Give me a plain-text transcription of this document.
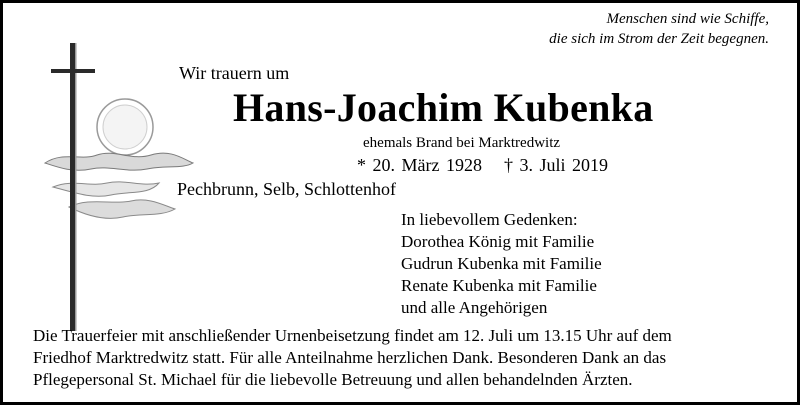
Menschen sind wie Schiffe,
die sich im Strom der Zeit begegnen.
Wir trauern um
Hans-Joachim Kubenka
ehemals Brand bei Marktredwitz
* 20. März 1928 † 3. Juli 2019
Pechbrunn, Selb, Schlottenhof
In liebevollem Gedenken:
Dorothea König mit Familie
Gudrun Kubenka mit Familie
Renate Kubenka mit Familie
und alle Angehörigen
Die Trauerfeier mit anschließender Urnenbeisetzung findet am 12. Juli um 13.15 Uhr auf dem
Friedhof Marktredwitz statt. Für alle Anteilnahme herzlichen Dank. Besonderen Dank an das
Pflegepersonal St. Michael für die liebevolle Betreuung und allen behandelnden Ärzten.
